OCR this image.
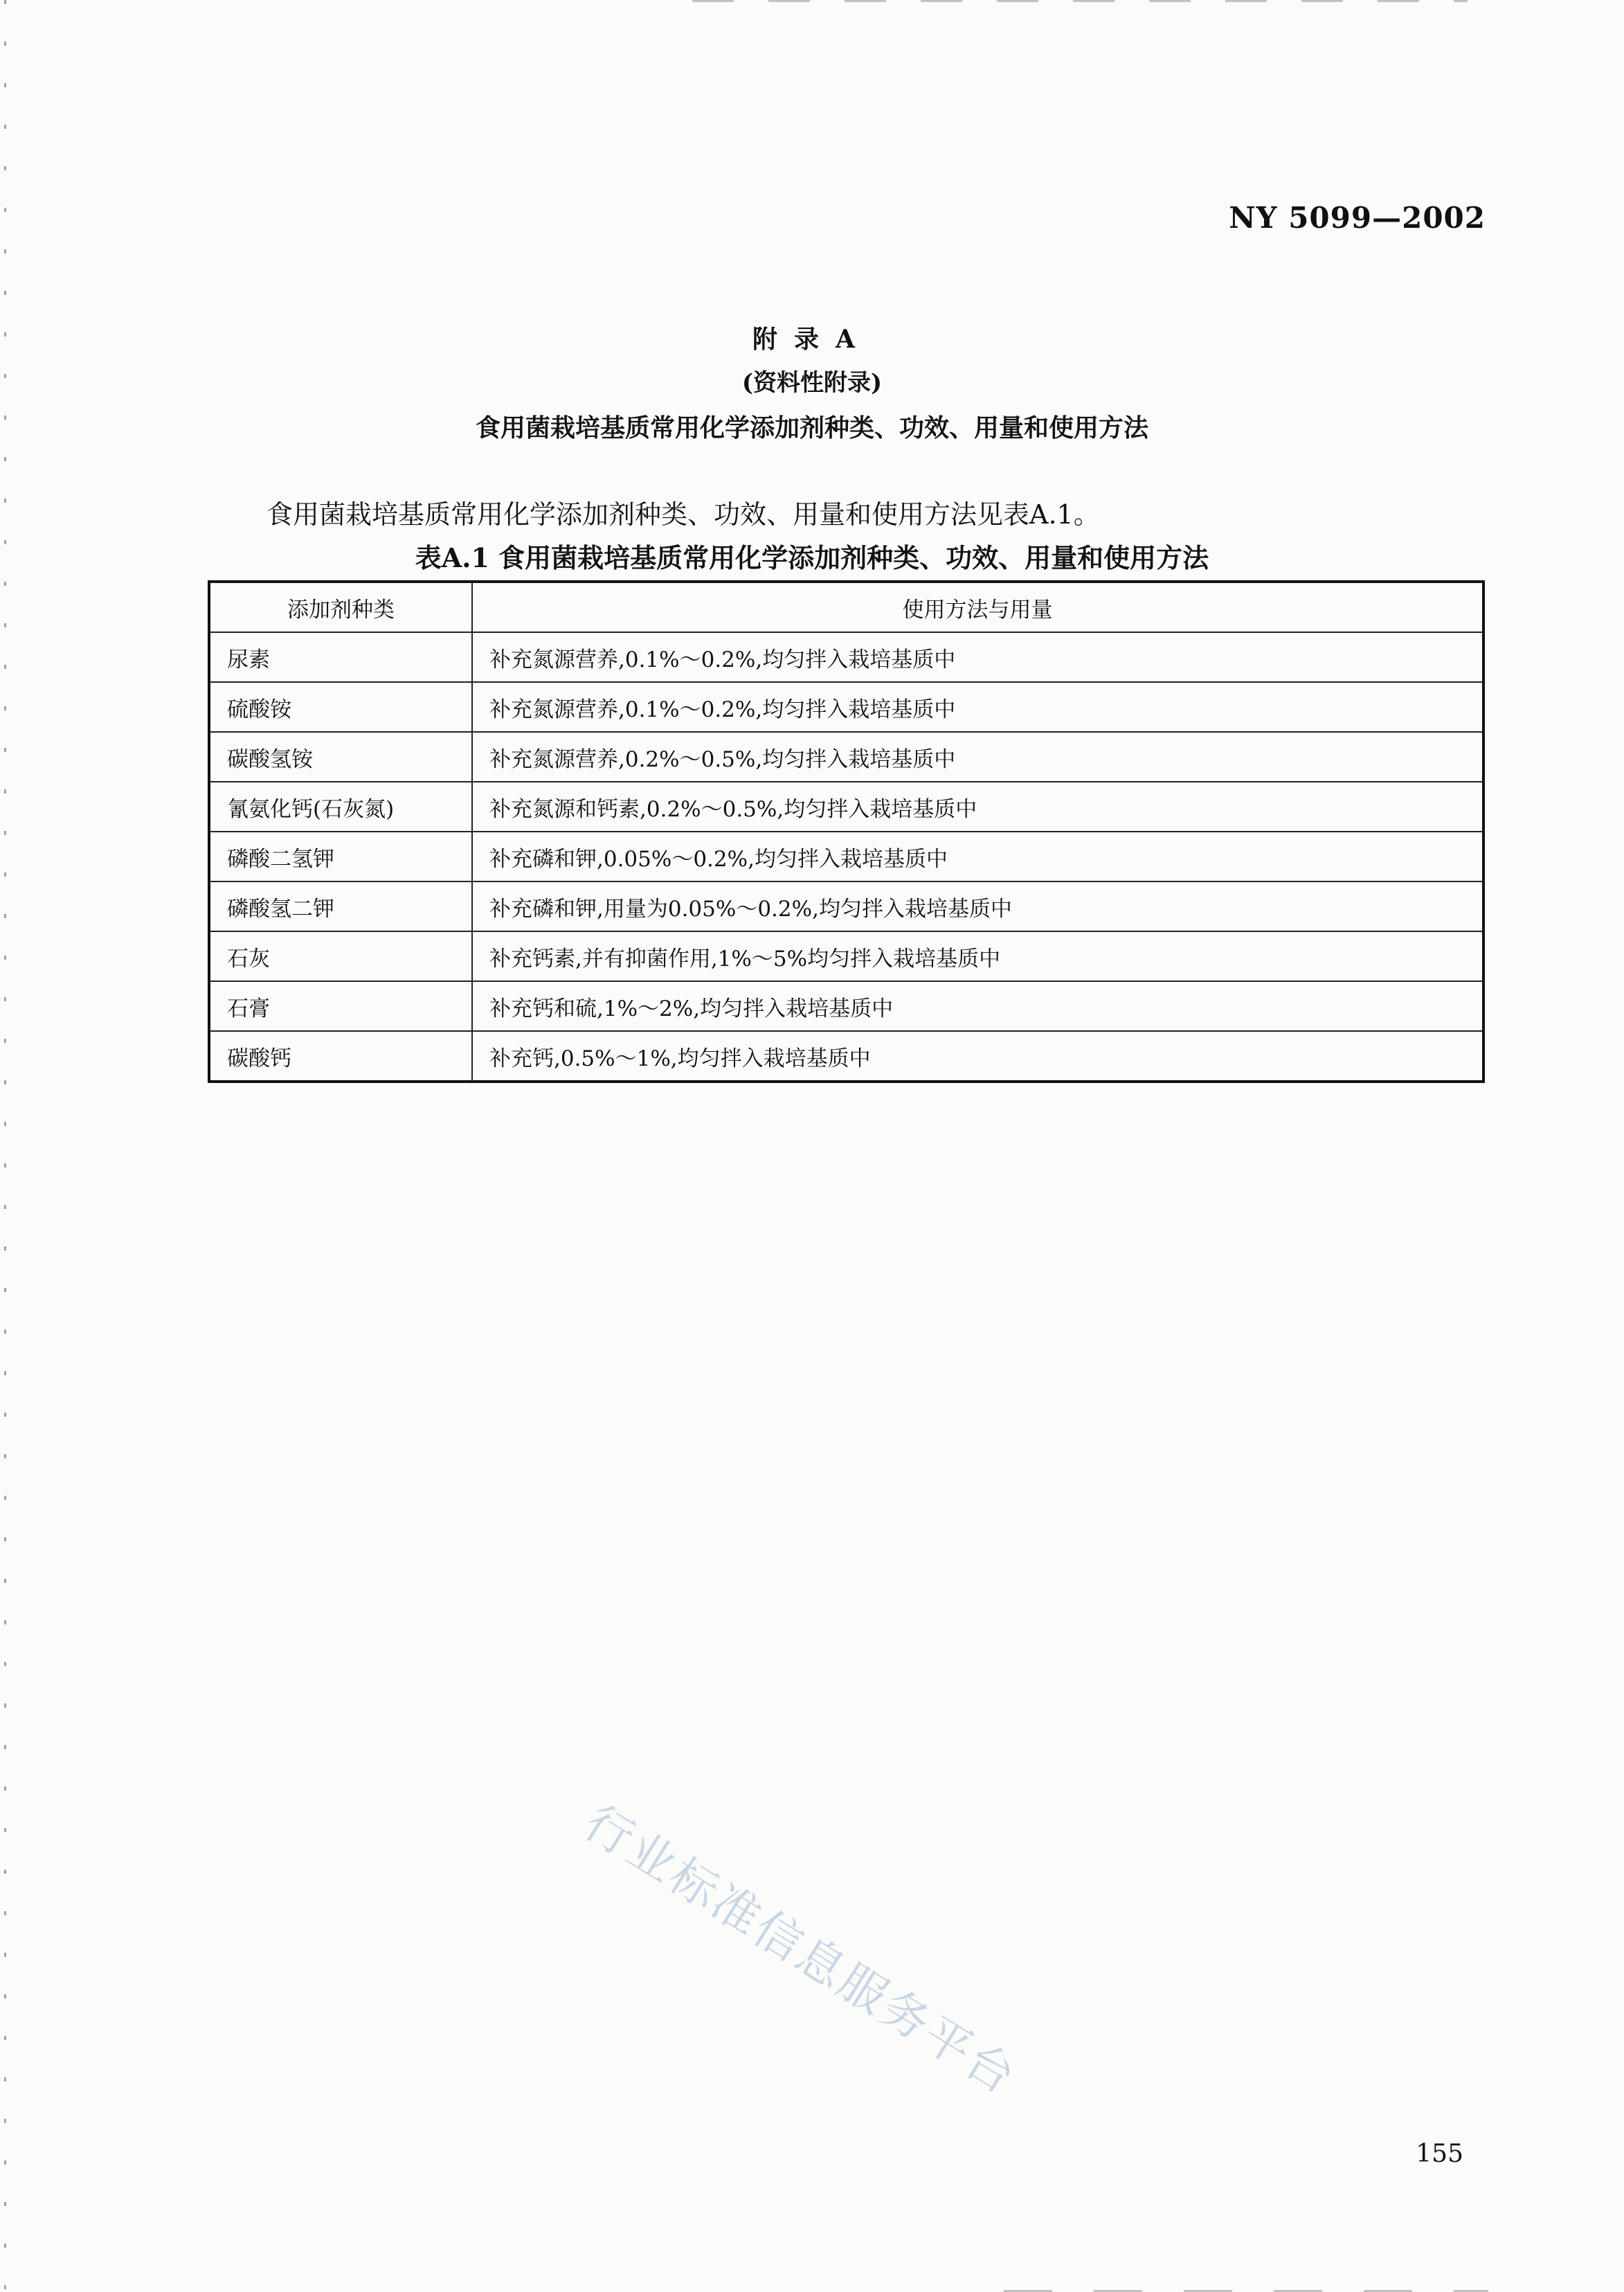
NY 5099—2002
附录A
(资料性附录)
食用菌栽培基质常用化学添加剂种类、功效、用量和使用方法
食用菌栽培基质常用化学添加剂种类、功效、用量和使用方法见表A.1。
表A.1 食用菌栽培基质常用化学添加剂种类、功效、用量和使用方法
添加剂种类	使用方法与用量
尿素	补充氮源营养,0.1%～0.2%,均匀拌入栽培基质中
硫酸铵	补充氮源营养,0.1%～0.2%,均匀拌入栽培基质中
碳酸氢铵	补充氮源营养,0.2%～0.5%,均匀拌入栽培基质中
氰氨化钙(石灰氮)	补充氮源和钙素,0.2%～0.5%,均匀拌入栽培基质中
磷酸二氢钾	补充磷和钾,0.05%～0.2%,均匀拌入栽培基质中
磷酸氢二钾	补充磷和钾,用量为0.05%～0.2%,均匀拌入栽培基质中
石灰	补充钙素,并有抑菌作用,1%～5%均匀拌入栽培基质中
石膏	补充钙和硫,1%～2%,均匀拌入栽培基质中
碳酸钙	补充钙,0.5%～1%,均匀拌入栽培基质中
行业标准信息服务平台
155
